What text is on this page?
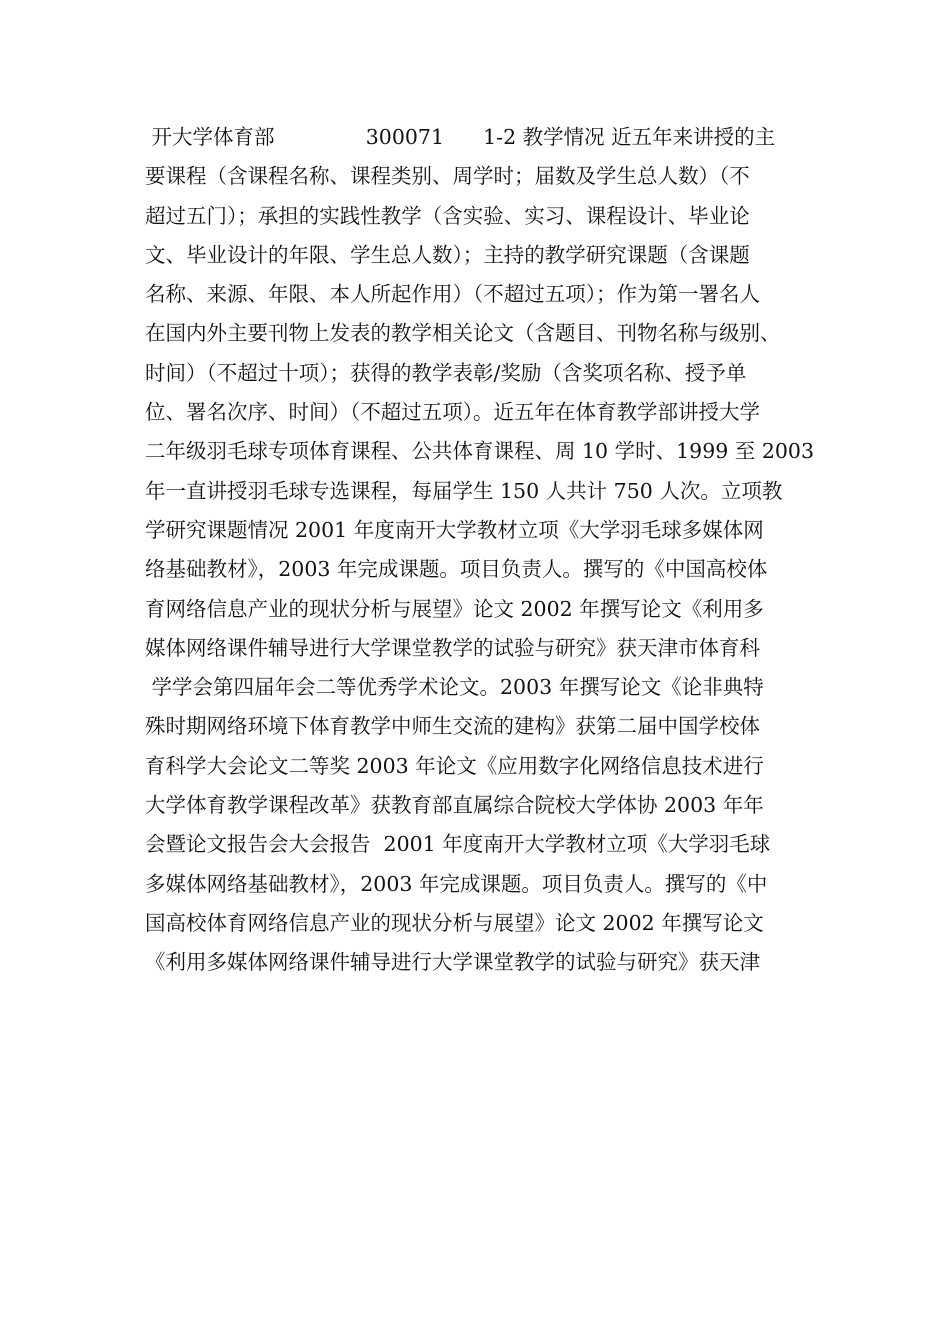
开大学体育部              300071      1-2 教学情况 近五年来讲授的主
要课程（含课程名称、课程类别、周学时；届数及学生总人数）（不
超过五门）；承担的实践性教学（含实验、实习、课程设计、毕业论
文、毕业设计的年限、学生总人数）；主持的教学研究课题（含课题
名称、来源、年限、本人所起作用）（不超过五项）；作为第一署名人
在国内外主要刊物上发表的教学相关论文（含题目、刊物名称与级别、
时间）（不超过十项）；获得的教学表彰/奖励（含奖项名称、授予单
位、署名次序、时间）（不超过五项）。近五年在体育教学部讲授大学
二年级羽毛球专项体育课程、公共体育课程、周 10 学时、1999 至 2003
年一直讲授羽毛球专选课程，每届学生 150 人共计 750 人次。立项教
学研究课题情况 2001 年度南开大学教材立项《大学羽毛球多媒体网
络基础教材》，2003 年完成课题。项目负责人。撰写的《中国高校体
育网络信息产业的现状分析与展望》论文 2002 年撰写论文《利用多
媒体网络课件辅导进行大学课堂教学的试验与研究》获天津市体育科
学学会第四届年会二等优秀学术论文。2003 年撰写论文《论非典特
殊时期网络环境下体育教学中师生交流的建构》获第二届中国学校体
育科学大会论文二等奖 2003 年论文《应用数字化网络信息技术进行
大学体育教学课程改革》获教育部直属综合院校大学体协 2003 年年
会暨论文报告会大会报告  2001 年度南开大学教材立项《大学羽毛球
多媒体网络基础教材》，2003 年完成课题。项目负责人。撰写的《中
国高校体育网络信息产业的现状分析与展望》论文 2002 年撰写论文
《利用多媒体网络课件辅导进行大学课堂教学的试验与研究》获天津
